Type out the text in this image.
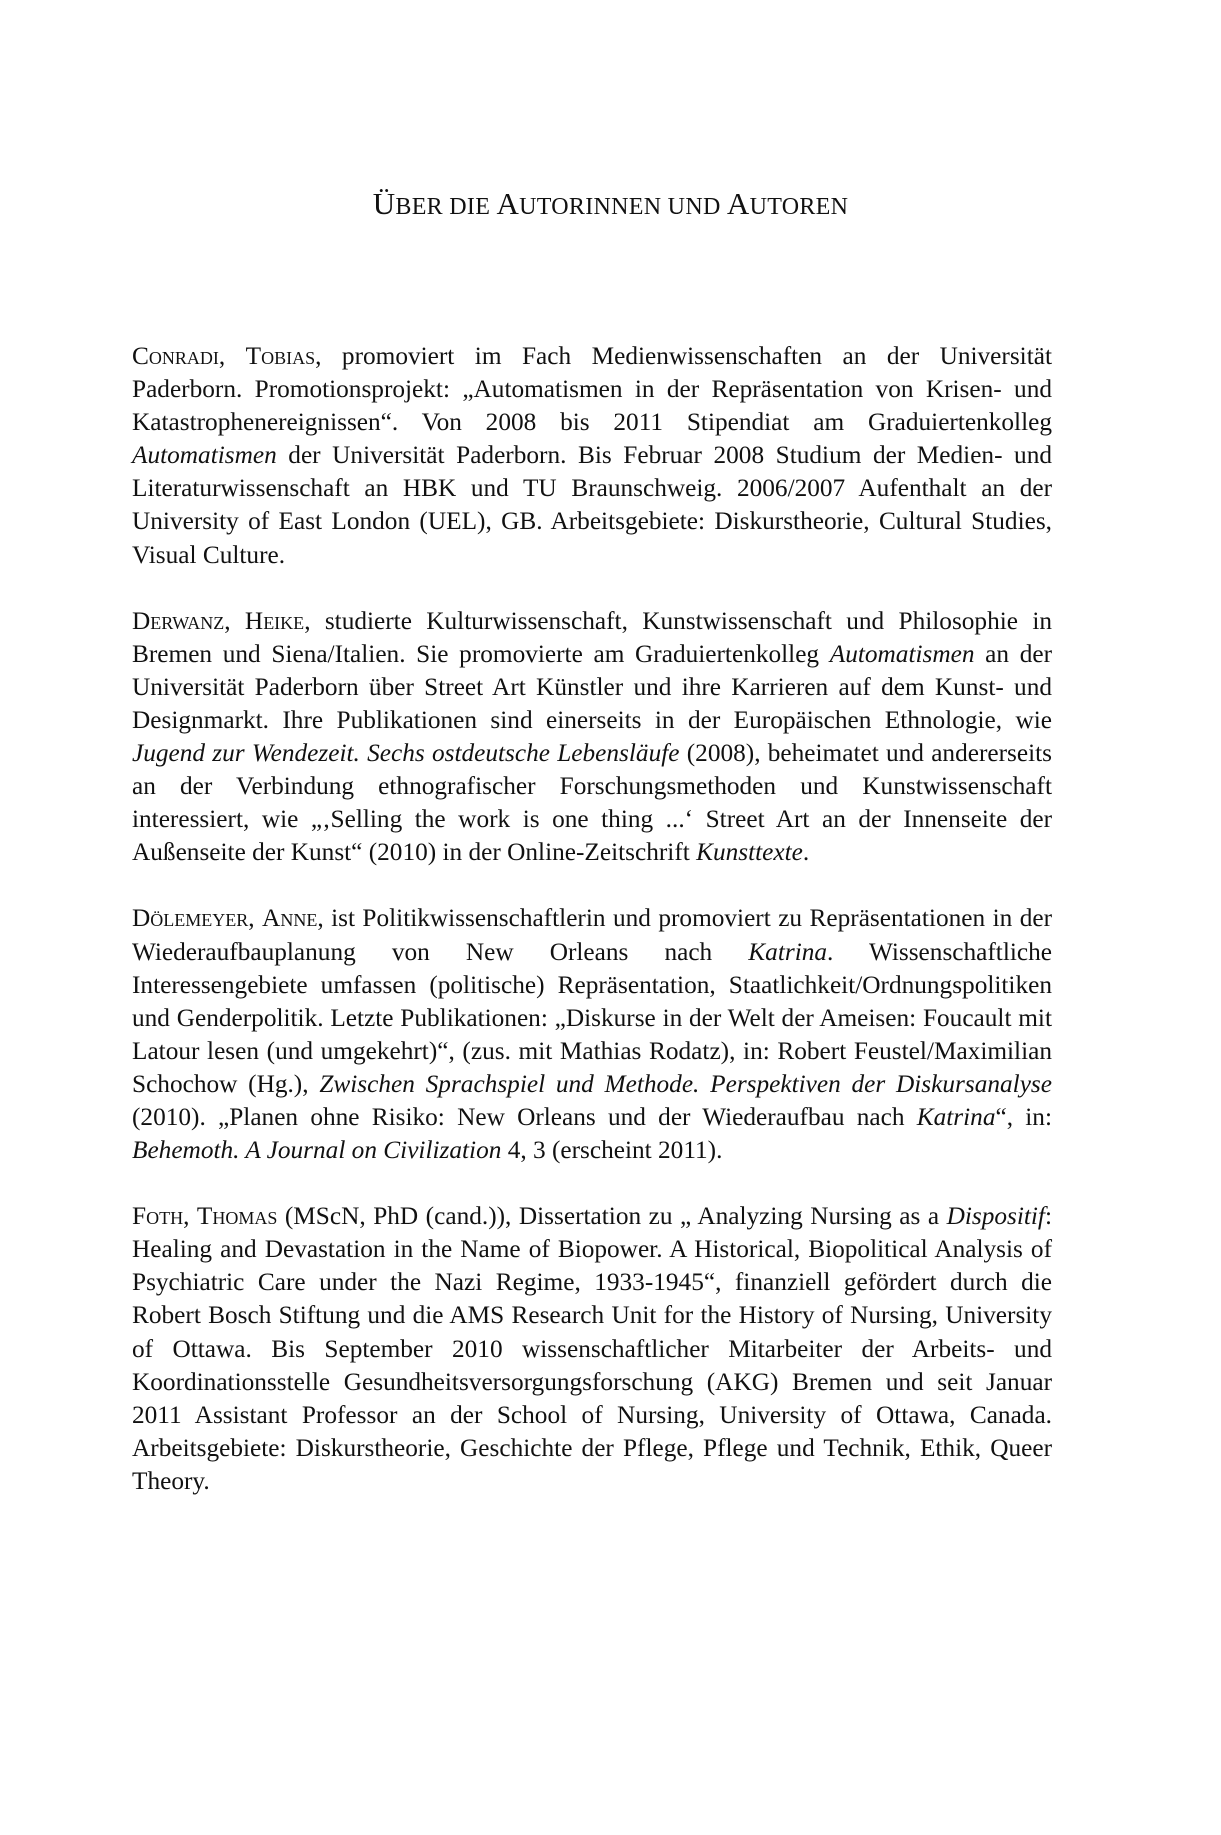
ÜBER DIE AUTORINNEN UND AUTOREN

Conradi, Tobias, promoviert im Fach Medienwissenschaften an der Universität Paderborn. Promotionsprojekt: „Automatismen in der Repräsentation von Krisen- und Katastrophenereignissen“. Von 2008 bis 2011 Stipendiat am Graduiertenkolleg Automatismen der Universität Paderborn. Bis Februar 2008 Studium der Medien- und Literaturwissenschaft an HBK und TU Braunschweig. 2006/2007 Aufenthalt an der University of East London (UEL), GB. Arbeitsgebiete: Diskurstheorie, Cultural Studies, Visual Culture.

Derwanz, Heike, studierte Kulturwissenschaft, Kunstwissenschaft und Philosophie in Bremen und Siena/Italien. Sie promovierte am Graduiertenkolleg Automatismen an der Universität Paderborn über Street Art Künstler und ihre Karrieren auf dem Kunst- und Designmarkt. Ihre Publikationen sind einerseits in der Europäischen Ethnologie, wie Jugend zur Wendezeit. Sechs ostdeutsche Lebensläufe (2008), beheimatet und andererseits an der Verbindung ethnografischer Forschungsmethoden und Kunstwissenschaft interessiert, wie „‚Selling the work is one thing ...‘ Street Art an der Innenseite der Außenseite der Kunst“ (2010) in der Online-Zeitschrift Kunsttexte.

Dölemeyer, Anne, ist Politikwissenschaftlerin und promoviert zu Repräsentationen in der Wiederaufbauplanung von New Orleans nach Katrina. Wissenschaftliche Interessengebiete umfassen (politische) Repräsentation, Staatlichkeit/Ordnungspolitiken und Genderpolitik. Letzte Publikationen: „Diskurse in der Welt der Ameisen: Foucault mit Latour lesen (und umgekehrt)“, (zus. mit Mathias Rodatz), in: Robert Feustel/Maximilian Schochow (Hg.), Zwischen Sprachspiel und Methode. Perspektiven der Diskursanalyse (2010). „Planen ohne Risiko: New Orleans und der Wiederaufbau nach Katrina“, in: Behemoth. A Journal on Civilization 4, 3 (erscheint 2011).

Foth, Thomas (MScN, PhD (cand.)), Dissertation zu „ Analyzing Nursing as a Dispositif: Healing and Devastation in the Name of Biopower. A Historical, Biopolitical Analysis of Psychiatric Care under the Nazi Regime, 1933-1945“, finanziell gefördert durch die Robert Bosch Stiftung und die AMS Research Unit for the History of Nursing, University of Ottawa. Bis September 2010 wissenschaftlicher Mitarbeiter der Arbeits- und Koordinationsstelle Gesundheitsversorgungsforschung (AKG) Bremen und seit Januar 2011 Assistant Professor an der School of Nursing, University of Ottawa, Canada. Arbeitsgebiete: Diskurstheorie, Geschichte der Pflege, Pflege und Technik, Ethik, Queer Theory.
